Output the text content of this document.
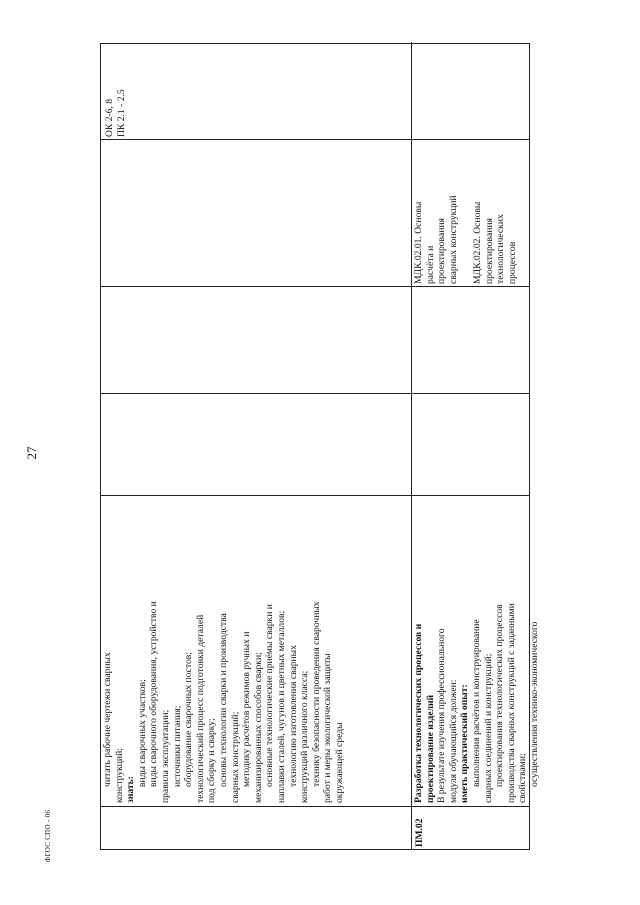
27
ФГОС СПО - 06
читать рабочие чертежи сварных конструкций; знать:
виды сварочных участков; виды сварочного оборудования, устройство и правила эксплуатации; источники питания; оборудование сварочных постов; технологический процесс подготовки деталей под сборку и сварку; основы технологии сварки и производства сварных конструкций; методику расчётов режимов ручных и механизированных способов сварки; основные технологические приёмы сварки и наплавки сталей, чугунов и цветных металлов; технологию изготовления сварных конструкций различного класса; технику безопасности проведения сварочных работ и меры экологической защиты окружающей среды
ОК 2-6, 8 ПК 2.1 - 2.5
ПМ.02
Разработка технологических процессов и проектирование изделий В результате изучения профессионального модуля обучающийся должен: иметь практический опыт: выполнения расчётов и конструирование сварных соединений и конструкций; проектирования технологических процессов производства сварных конструкций с заданными свойствами; осуществления технико-экономического
МДК.02.01. Основы расчёта и проектирования сварных конструкций МДК.02.02. Основы проектирования технологических процессов
